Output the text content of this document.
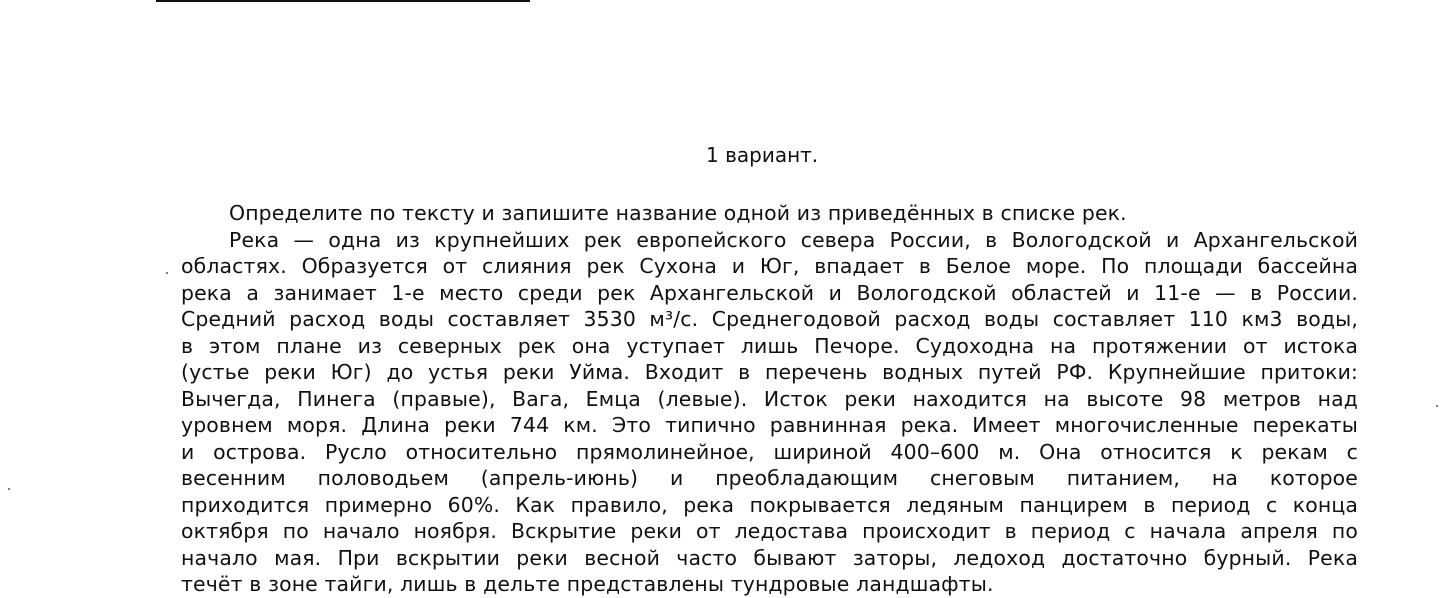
1 вариант.
Определите по тексту и запишите название одной из приведённых в списке рек.
Река — одна из крупнейших рек европейского севера России, в Вологодской и Архангельской
областях. Образуется от слияния рек Сухона и Юг, впадает в Белое море. По площади бассейна
река а занимает 1-е место среди рек Архангельской и Вологодской областей и 11-е — в России.
Средний расход воды составляет 3530 м³/с. Среднегодовой расход воды составляет 110 км3 воды,
в этом плане из северных рек она уступает лишь Печоре. Судоходна на протяжении от истока
(устье реки Юг) до устья реки Уйма. Входит в перечень водных путей РФ. Крупнейшие притоки:
Вычегда, Пинега (правые), Вага, Емца (левые). Исток реки находится на высоте 98 метров над
уровнем моря. Длина реки 744 км. Это типично равнинная река. Имеет многочисленные перекаты
и острова. Русло относительно прямолинейное, шириной 400–600 м. Она относится к рекам с
весенним половодьем (апрель-июнь) и преобладающим снеговым питанием, на которое
приходится примерно 60%. Как правило, река покрывается ледяным панцирем в период с конца
октября по начало ноября. Вскрытие реки от ледостава происходит в период с начала апреля по
начало мая. При вскрытии реки весной часто бывают заторы, ледоход достаточно бурный. Река
течёт в зоне тайги, лишь в дельте представлены тундровые ландшафты.
